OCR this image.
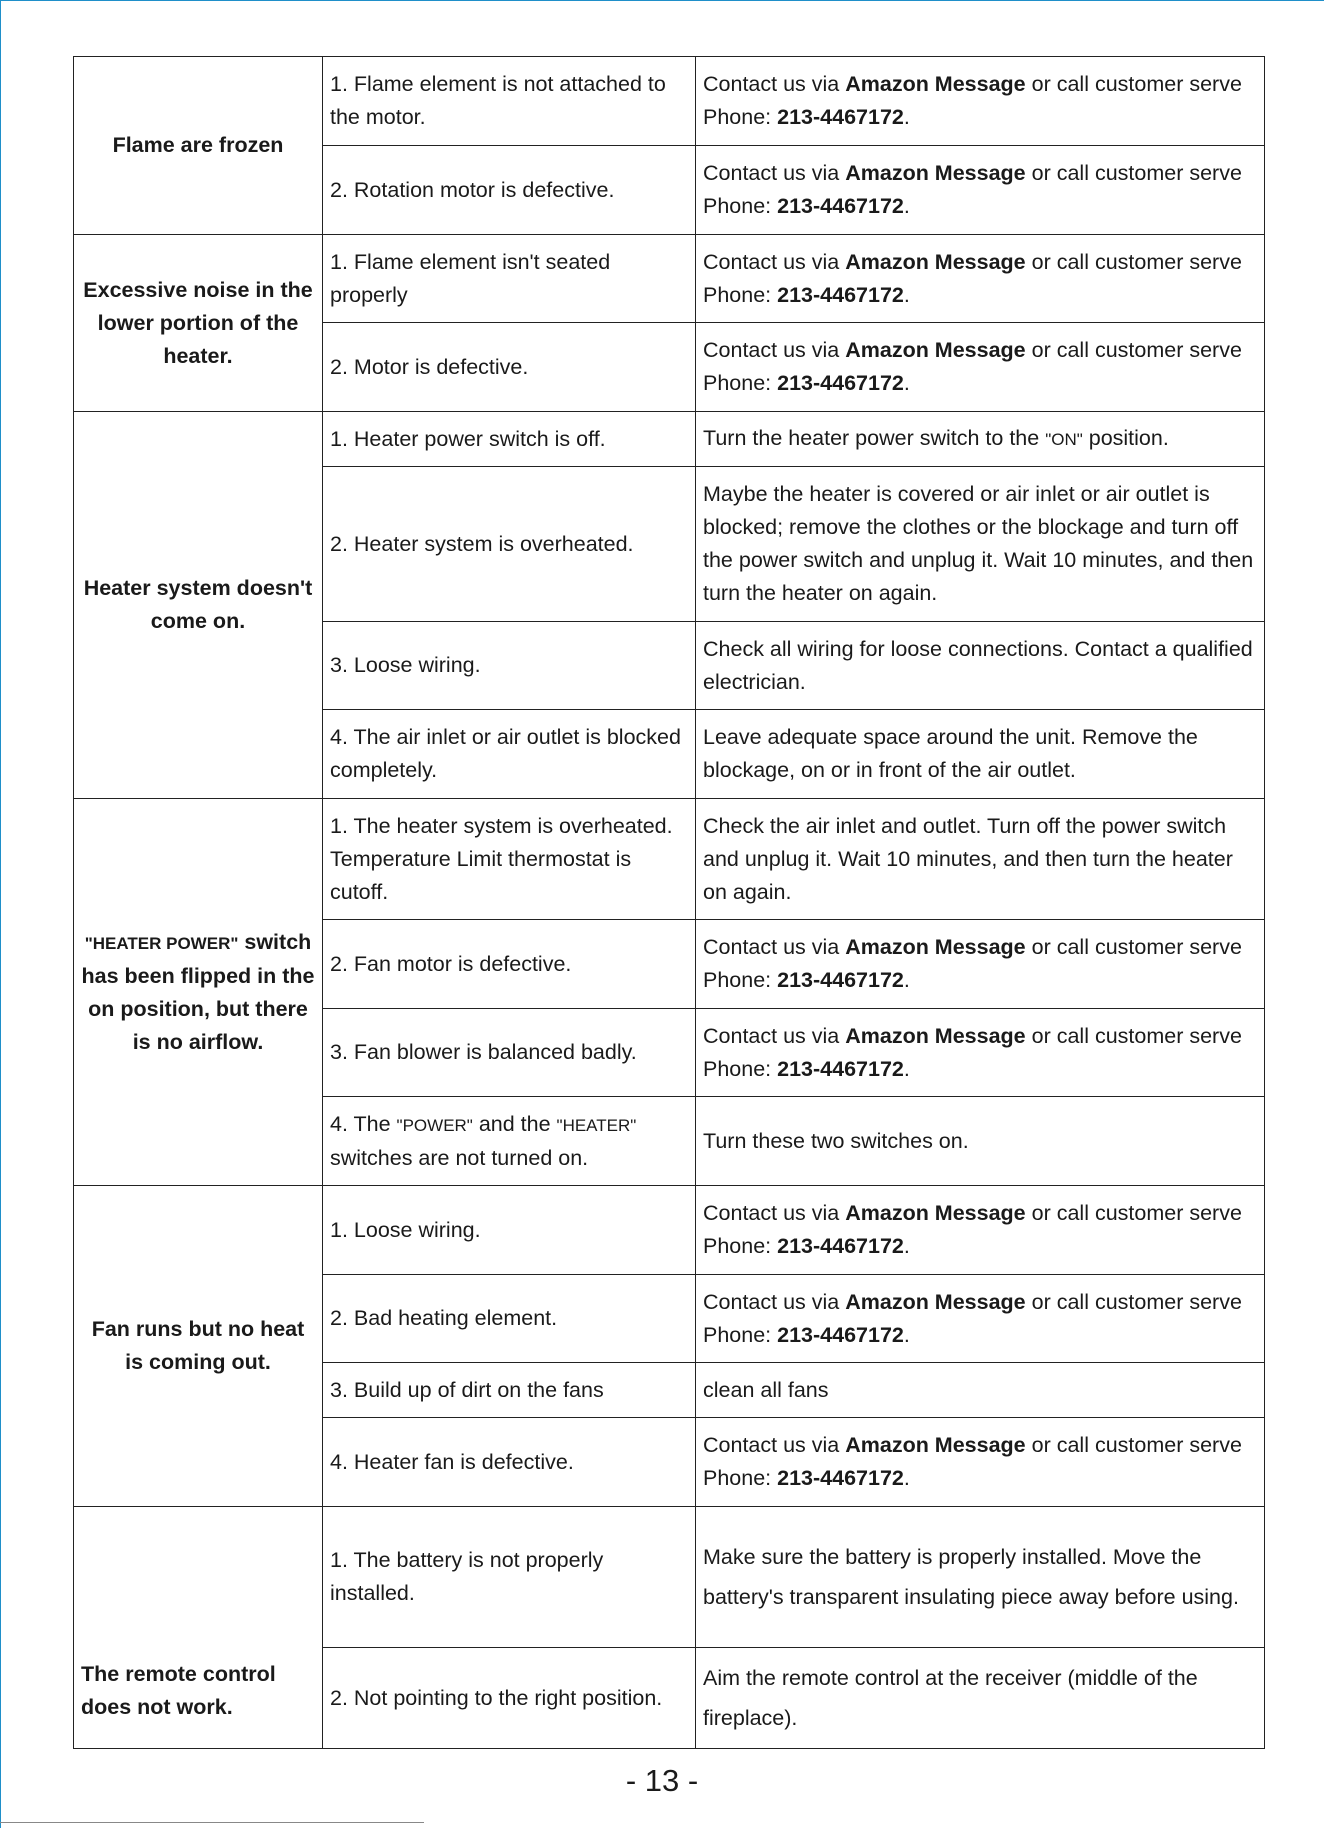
Flame are frozen	1. Flame element is not attached to the motor.	Contact us via Amazon Message or call customer serve Phone: 213-4467172.
	2. Rotation motor is defective.	Contact us via Amazon Message or call customer serve Phone: 213-4467172.
Excessive noise in the lower portion of the heater.	1. Flame element isn't seated properly	Contact us via Amazon Message or call customer serve Phone: 213-4467172.
	2. Motor is defective.	Contact us via Amazon Message or call customer serve Phone: 213-4467172.
Heater system doesn't come on.	1. Heater power switch is off.	Turn the heater power switch to the "ON" position.
	2. Heater system is overheated.	Maybe the heater is covered or air inlet or air outlet is blocked; remove the clothes or the blockage and turn off the power switch and unplug it. Wait 10 minutes, and then turn the heater on again.
	3. Loose wiring.	Check all wiring for loose connections. Contact a qualified electrician.
	4. The air inlet or air outlet is blocked completely.	Leave adequate space around the unit. Remove the blockage, on or in front of the air outlet.
"HEATER POWER" switch has been flipped in the on position, but there is no airflow.	1. The heater system is overheated. Temperature Limit thermostat is cutoff.	Check the air inlet and outlet. Turn off the power switch and unplug it. Wait 10 minutes, and then turn the heater on again.
	2. Fan motor is defective.	Contact us via Amazon Message or call customer serve Phone: 213-4467172.
	3. Fan blower is balanced badly.	Contact us via Amazon Message or call customer serve Phone: 213-4467172.
	4. The "POWER" and the "HEATER" switches are not turned on.	Turn these two switches on.
Fan runs but no heat is coming out.	1. Loose wiring.	Contact us via Amazon Message or call customer serve Phone: 213-4467172.
	2. Bad heating element.	Contact us via Amazon Message or call customer serve Phone: 213-4467172.
	3. Build up of dirt on the fans	clean all fans
	4. Heater fan is defective.	Contact us via Amazon Message or call customer serve Phone: 213-4467172.
The remote control does not work.	1. The battery is not properly installed.	Make sure the battery is properly installed. Move the battery's transparent insulating piece away before using.
	2. Not pointing to the right position.	Aim the remote control at the receiver (middle of the fireplace).
- 13 -
